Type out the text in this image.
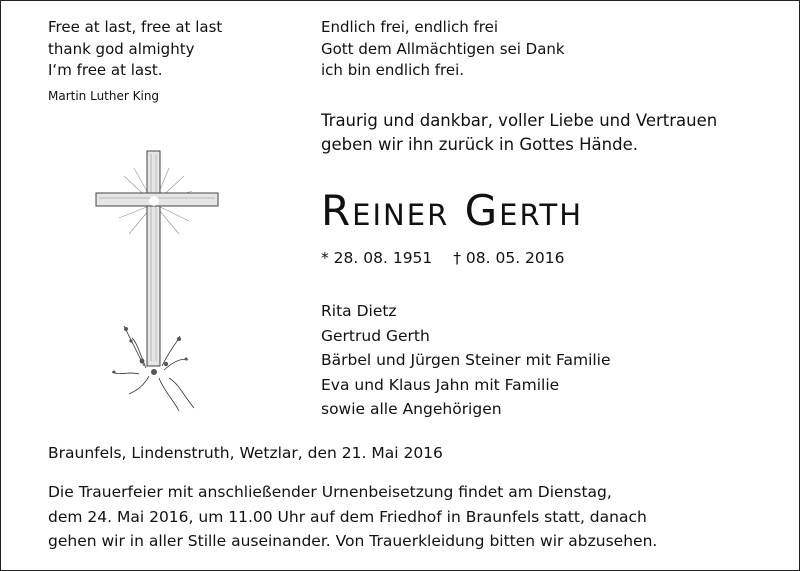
Free at last, free at last
thank god almighty
I‘m free at last.
Martin Luther King
Endlich frei, endlich frei
Gott dem Allmächtigen sei Dank
ich bin endlich frei.
Traurig und dankbar, voller Liebe und Vertrauen
geben wir ihn zurück in Gottes Hände.
Reiner Gerth
* 28. 08. 1951 † 08. 05. 2016
Rita Dietz
Gertrud Gerth
Bärbel und Jürgen Steiner mit Familie
Eva und Klaus Jahn mit Familie
sowie alle Angehörigen
Braunfels, Lindenstruth, Wetzlar, den 21. Mai 2016
Die Trauerfeier mit anschließender Urnenbeisetzung findet am Dienstag,
dem 24. Mai 2016, um 11.00 Uhr auf dem Friedhof in Braunfels statt, danach
gehen wir in aller Stille auseinander. Von Trauerkleidung bitten wir abzusehen.
